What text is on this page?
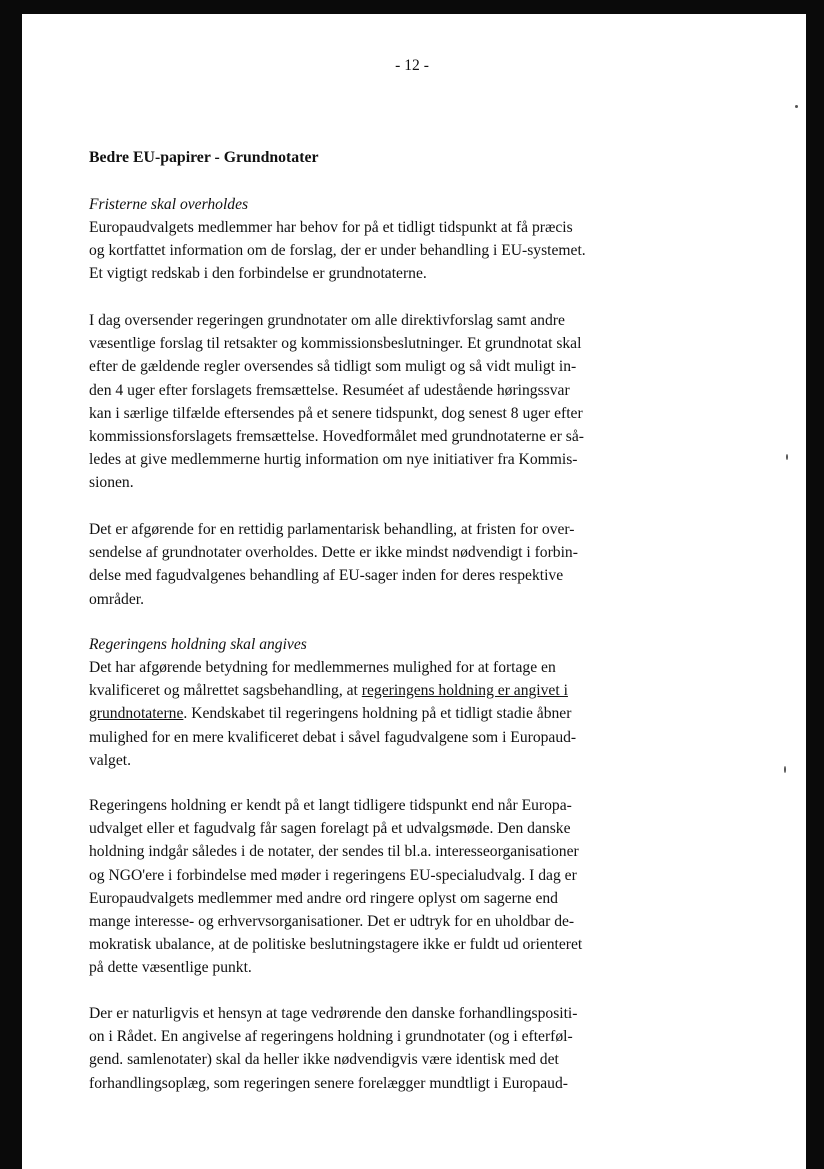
- 12 -

Bedre EU-papirer - Grundnotater

Fristerne skal overholdes

Europaudvalgets medlemmer har behov for på et tidligt tidspunkt at få præcis
og kortfattet information om de forslag, der er under behandling i EU-systemet.
Et vigtigt redskab i den forbindelse er grundnotaterne.

I dag oversender regeringen grundnotater om alle direktivforslag samt andre
væsentlige forslag til retsakter og kommissionsbeslutninger. Et grundnotat skal
efter de gældende regler oversendes så tidligt som muligt og så vidt muligt in-
den 4 uger efter forslagets fremsættelse. Resuméet af udestående høringssvar
kan i særlige tilfælde eftersendes på et senere tidspunkt, dog senest 8 uger efter
kommissionsforslagets fremsættelse. Hovedformålet med grundnotaterne er så-
ledes at give medlemmerne hurtig information om nye initiativer fra Kommis-
sionen.

Det er afgørende for en rettidig parlamentarisk behandling, at fristen for over-
sendelse af grundnotater overholdes. Dette er ikke mindst nødvendigt i forbin-
delse med fagudvalgenes behandling af EU-sager inden for deres respektive
områder.

Regeringens holdning skal angives

Det har afgørende betydning for medlemmernes mulighed for at fortage en
kvalificeret og målrettet sagsbehandling, at regeringens holdning er angivet i
grundnotaterne. Kendskabet til regeringens holdning på et tidligt stadie åbner
mulighed for en mere kvalificeret debat i såvel fagudvalgene som i Europaud-
valget.

Regeringens holdning er kendt på et langt tidligere tidspunkt end når Europa-
udvalget eller et fagudvalg får sagen forelagt på et udvalgsmøde. Den danske
holdning indgår således i de notater, der sendes til bl.a. interesseorganisationer
og NGO'ere i forbindelse med møder i regeringens EU-specialudvalg. I dag er
Europaudvalgets medlemmer med andre ord ringere oplyst om sagerne end
mange interesse- og erhvervsorganisationer. Det er udtryk for en uholdbar de-
mokratisk ubalance, at de politiske beslutningstagere ikke er fuldt ud orienteret
på dette væsentlige punkt.

Der er naturligvis et hensyn at tage vedrørende den danske forhandlingspositi-
on i Rådet. En angivelse af regeringens holdning i grundnotater (og i efterføl-
gend. samlenotater) skal da heller ikke nødvendigvis være identisk med det
forhandlingsoplæg, som regeringen senere forelægger mundtligt i Europaud-
